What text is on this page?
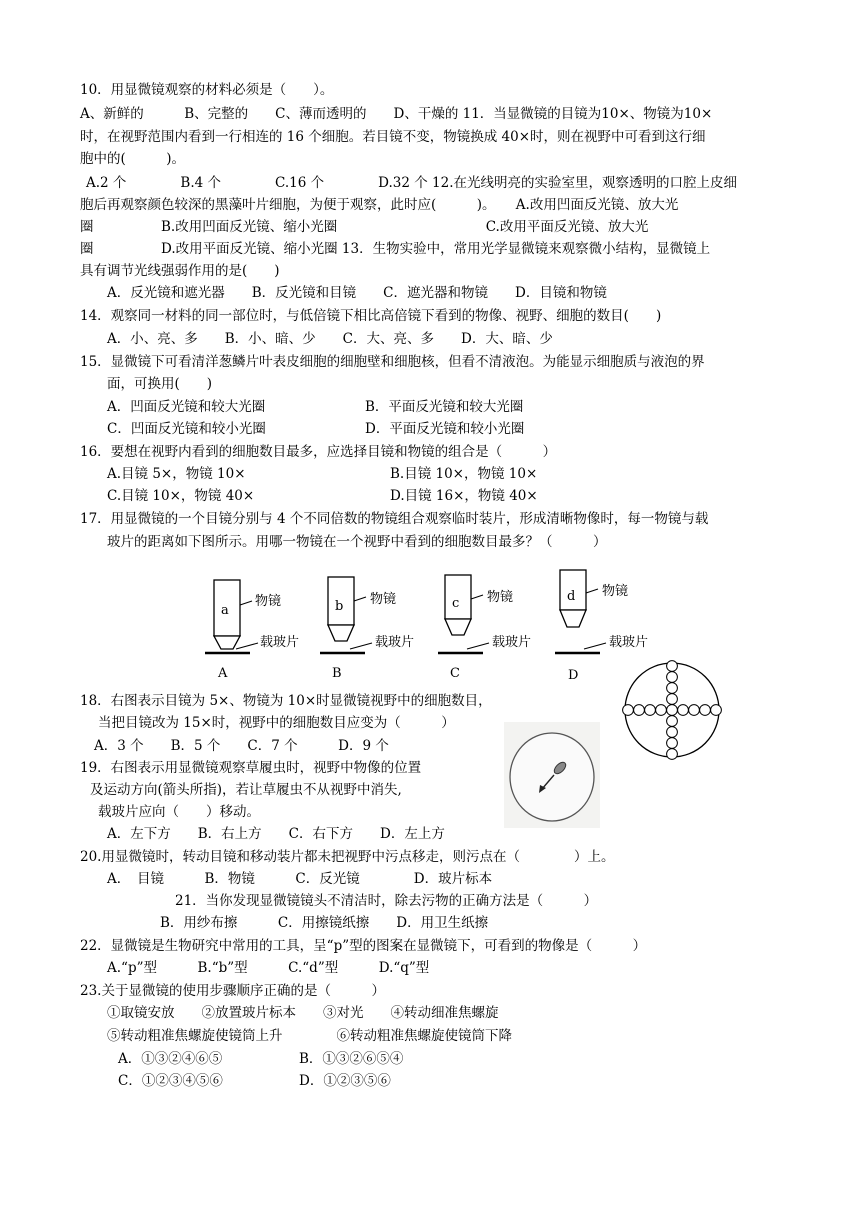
10．用显微镜观察的材料必须是（　　）。
A、新鲜的　　　B、完整的　　C、薄而透明的　　D、干燥的 11．当显微镜的目镜为10×、物镜为10×
时，在视野范围内看到一行相连的 16 个细胞。若目镜不变，物镜换成 40×时，则在视野中可看到这行细
胞中的(　　　)。
A.2 个　　　　B.4 个　　　　C.16 个　　　　D.32 个 12.在光线明亮的实验室里，观察透明的口腔上皮细
胞后再观察颜色较深的黑藻叶片细胞，为便于观察，此时应(　　　)。　　A.改用凹面反光镜、放大光
圈　　　　　B.改用凹面反光镜、缩小光圈　　　　　　　　　　　C.改用平面反光镜、放大光
圈　　　　　D.改用平面反光镜、缩小光圈 13．生物实验中，常用光学显微镜来观察微小结构，显微镜上
具有调节光线强弱作用的是(　　)
A．反光镜和遮光器　　B．反光镜和目镜　　C．遮光器和物镜　　D．目镜和物镜
14．观察同一材料的同一部位时，与低倍镜下相比高倍镜下看到的物像、视野、细胞的数目(　　)
A．小、亮、多　　B．小、暗、少　　C．大、亮、多　　D．大、暗、少
15．显微镜下可看清洋葱鳞片叶表皮细胞的细胞壁和细胞核，但看不清液泡。为能显示细胞质与液泡的界
面，可换用(　　)
A．凹面反光镜和较大光圈	B．平面反光镜和较大光圈
C．凹面反光镜和较小光圈	D．平面反光镜和较小光圈
16．要想在视野内看到的细胞数目最多，应选择目镜和物镜的组合是（　　　）
A.目镜 5×，物镜 10×	B.目镜 10×，物镜 10×
C.目镜 10×，物镜 40×	D.目镜 16×，物镜 40×
17．用显微镜的一个目镜分别与 4 个不同倍数的物镜组合观察临时装片，形成清晰物像时，每一物镜与载
玻片的距离如下图所示。用哪一物镜在一个视野中看到的细胞数目最多？（　　　）
18．右图表示目镜为 5×、物镜为 10×时显微镜视野中的细胞数目，
当把目镜改为 15×时，视野中的细胞数目应变为（　　　）
A．3 个　　B．5 个　　C．7 个　　　D．9 个
19．右图表示用显微镜观察草履虫时，视野中物像的位置
及运动方向(箭头所指)，若让草履虫不从视野中消失,
载玻片应向（　　）移动。
A．左下方　　B．右上方　　C．右下方　　D．左上方
20.用显微镜时，转动目镜和移动装片都未把视野中污点移走，则污点在（　　　　）上。
A．　目镜　　　B．物镜　　　C．反光镜　　　　D．玻片标本
21．当你发现显微镜镜头不清洁时，除去污物的正确方法是（　　　）
B．用纱布擦　　　C．用擦镜纸擦　　D．用卫生纸擦
22．显微镜是生物研究中常用的工具，呈“p”型的图案在显微镜下，可看到的物像是（　　　）
A.“p”型　　　B.“b”型　　　C.“d”型　　　D.“q”型
23.关于显微镜的使用步骤顺序正确的是（　　　）
①取镜安放　　②放置玻片标本　　③对光　　④转动细准焦螺旋
⑤转动粗准焦螺旋使镜筒上升　　　　⑥转动粗准焦螺旋使镜筒下降
A．①③②④⑥⑤	B．①③②⑥⑤④
C．①②③④⑤⑥	D．①②③⑤⑥
a
物镜
载玻片
A
b 物镜
载玻片
B
c 物镜
载玻片
C
d 物镜
载玻片
D
